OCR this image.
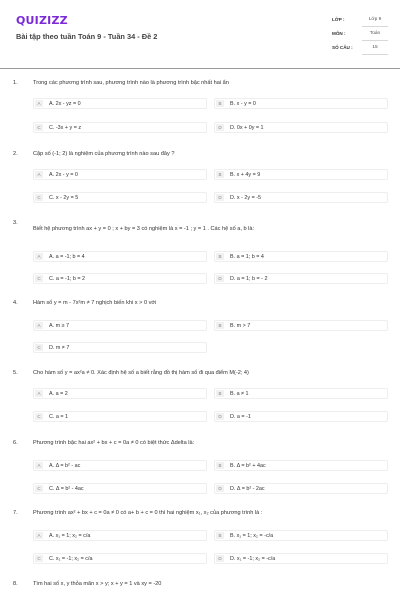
QUIZIZZ
Bài tập theo tuần Toán 9 - Tuần 34 - Đề 2
LỚP :	Lớp 9
MÔN :	Toán
SỐ CÂU :	15
1.	Trong các phương trình sau, phương trình nào là phương trình bậc nhất hai ẩn
A	A. 2x - yz = 0	B	B. x - y = 0
C	C. -3x + y = z	D	D. 0x + 0y = 1
2.	Cặp số (-1; 2) là nghiệm của phương trình nào sau đây ?
A	A. 2x - y = 0	B	B. x + 4y = 9
C	C. x - 2y = 5	D	D. x - 2y = -5
3.
Biết hệ phương trình ax + y = 0 ; x + by = 3 có nghiệm là x = -1 ; y = 1 . Các hệ số a, b là:
A	A. a = -1; b = 4	B	B. a = 1; b = 4
C	C. a = -1; b = 2	D	D. a = 1; b = - 2
4.	Hàm số y = m - 7x²m ≠ 7 nghịch biến khi x > 0 với
A	A. m ≥ 7	B	B. m > 7
C	D. m ≠ 7
5.	Cho hàm số y = ax²a ≠ 0. Xác định hệ số a biết rằng đồ thị hàm số đi qua điểm M(-2; 4)
A	A. a = 2	B	B. a ≠ 1
C	C. a = 1	D	D. a = -1
6.	Phương trình bậc hai ax² + bx + c = 0a ≠ 0 có biệt thức Δdelta là:
A	A. Δ = b² - ac	B	B. Δ = b² + 4ac
C	C. Δ = b² - 4ac	D	D. Δ = b² - 2ac
7.	Phương trình ax² + bx + c = 0a ≠ 0 có a+ b + c = 0 thì hai nghiệm x₁, x₂ của phương trình là :
A	A. x₁ = 1; x₂ = c/a	B	B. x₁ = 1; x₂ = -c/a
C	C. x₁ = -1; x₂ = c/a	D	D. x₁ = -1; x₂ = -c/a
8.	Tìm hai số x, y thỏa mãn x > y; x + y = 1 và xy = -20
